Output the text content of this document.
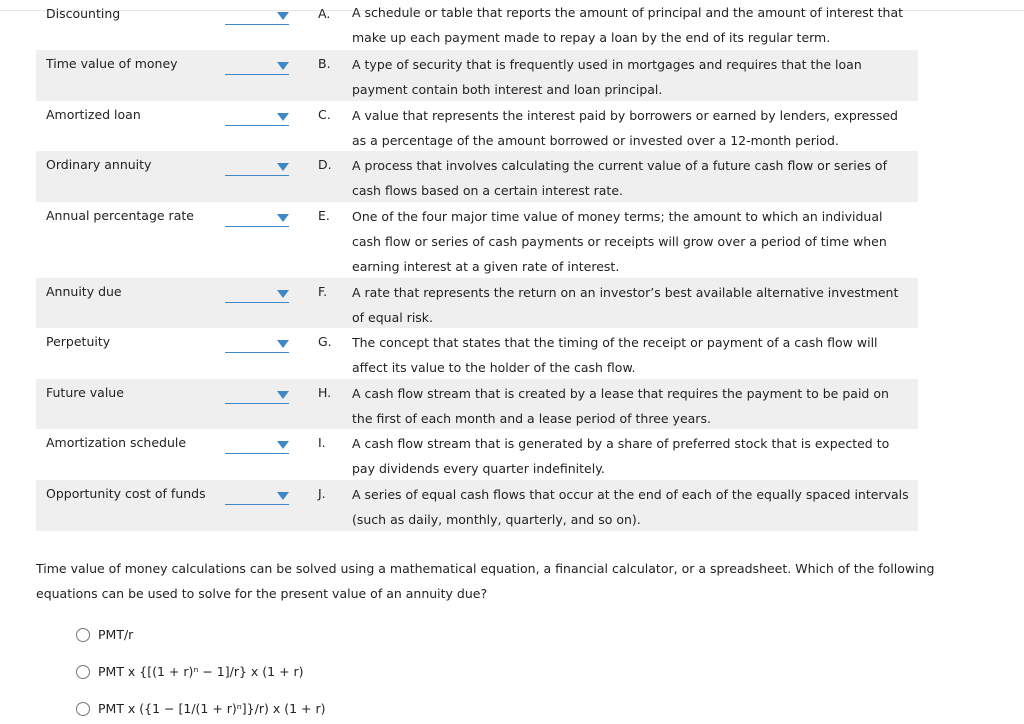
Discounting	A. A schedule or table that reports the amount of principal and the amount of interest that make up each payment made to repay a loan by the end of its regular term.
Time value of money	B. A type of security that is frequently used in mortgages and requires that the loan payment contain both interest and loan principal.
Amortized loan	C. A value that represents the interest paid by borrowers or earned by lenders, expressed as a percentage of the amount borrowed or invested over a 12-month period.
Ordinary annuity	D. A process that involves calculating the current value of a future cash flow or series of cash flows based on a certain interest rate.
Annual percentage rate	E.	One of the four major time value of money terms; the amount to which an individual cash flow or series of cash payments or receipts will grow over a period of time when earning interest at a given rate of interest.
Annuity due	F.	A rate that represents the return on an investor’s best available alternative investment of equal risk.
Perpetuity	G. The concept that states that the timing of the receipt or payment of a cash flow will affect its value to the holder of the cash flow.
Future value	H. A cash flow stream that is created by a lease that requires the payment to be paid on the first of each month and a lease period of three years.
Amortization schedule	I.	A cash flow stream that is generated by a share of preferred stock that is expected to pay dividends every quarter indefinitely.
Opportunity cost of funds	J.	A series of equal cash flows that occur at the end of each of the equally spaced intervals (such as daily, monthly, quarterly, and so on).
Time value of money calculations can be solved using a mathematical equation, a financial calculator, or a spreadsheet. Which of the following equations can be used to solve for the present value of an annuity due?
PMT/r
PMT x {[(1 + r)ⁿ − 1]/r} x (1 + r)
PMT x ({1 − [1/(1 + r)ⁿ]}/r) x (1 + r)
